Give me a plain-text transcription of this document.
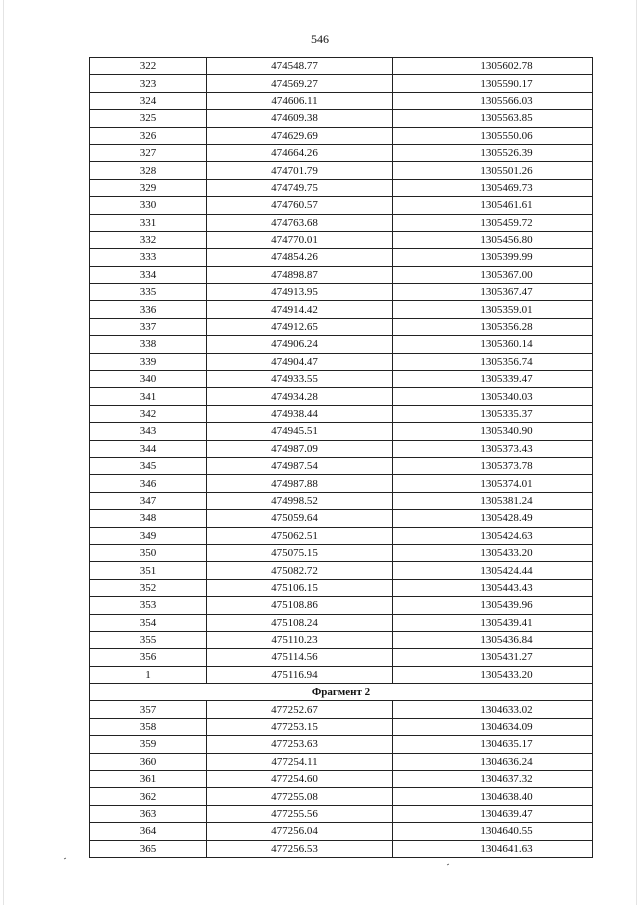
546
322	474548.77	1305602.78
323	474569.27	1305590.17
324	474606.11	1305566.03
325	474609.38	1305563.85
326	474629.69	1305550.06
327	474664.26	1305526.39
328	474701.79	1305501.26
329	474749.75	1305469.73
330	474760.57	1305461.61
331	474763.68	1305459.72
332	474770.01	1305456.80
333	474854.26	1305399.99
334	474898.87	1305367.00
335	474913.95	1305367.47
336	474914.42	1305359.01
337	474912.65	1305356.28
338	474906.24	1305360.14
339	474904.47	1305356.74
340	474933.55	1305339.47
341	474934.28	1305340.03
342	474938.44	1305335.37
343	474945.51	1305340.90
344	474987.09	1305373.43
345	474987.54	1305373.78
346	474987.88	1305374.01
347	474998.52	1305381.24
348	475059.64	1305428.49
349	475062.51	1305424.63
350	475075.15	1305433.20
351	475082.72	1305424.44
352	475106.15	1305443.43
353	475108.86	1305439.96
354	475108.24	1305439.41
355	475110.23	1305436.84
356	475114.56	1305431.27
1	475116.94	1305433.20
Фрагмент 2		
357	477252.67	1304633.02
358	477253.15	1304634.09
359	477253.63	1304635.17
360	477254.11	1304636.24
361	477254.60	1304637.32
362	477255.08	1304638.40
363	477255.56	1304639.47
364	477256.04	1304640.55
365	477256.53	1304641.63
